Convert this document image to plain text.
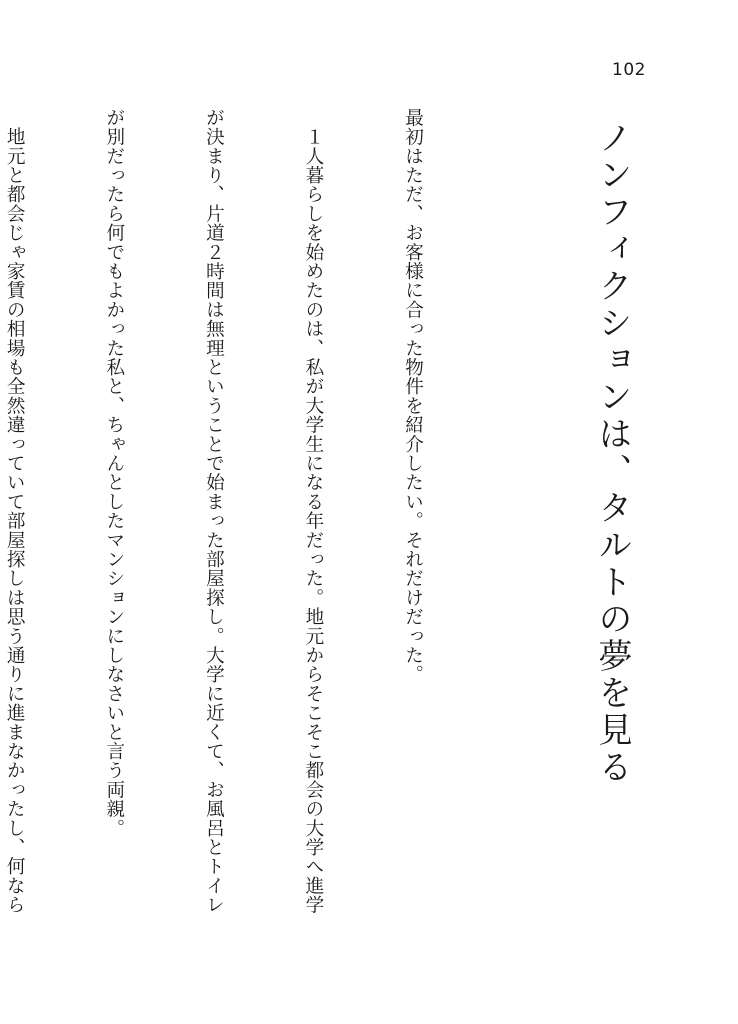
102
ノンフィクションは、タルトの夢を見る

最初はただ、お客様に合った物件を紹介したい。それだけだった。

　１人暮らしを始めたのは、私が大学生になる年だった。地元からそこそこ都会の大学へ進学

が決まり、片道２時間は無理ということで始まった部屋探し。大学に近くて、お風呂とトイレ

が別だったら何でもよかった私と、ちゃんとしたマンションにしなさいと言う両親。

　地元と都会じゃ家賃の相場も全然違っていて部屋探しは思う通りに進まなかったし、何なら
